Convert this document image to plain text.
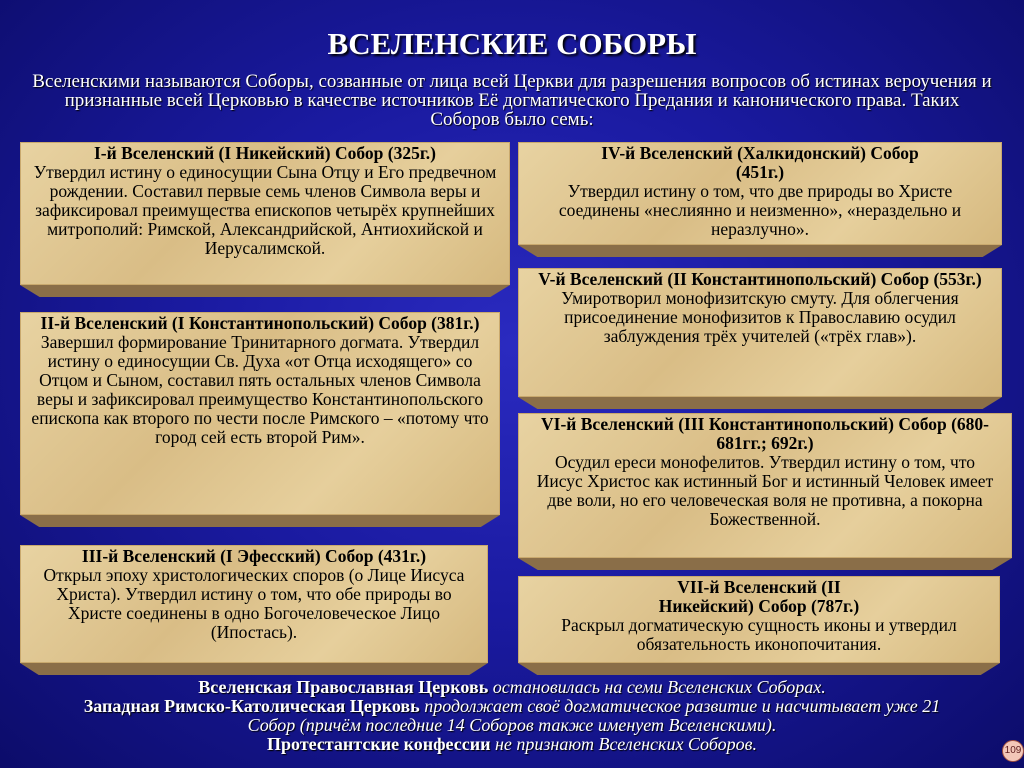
ВСЕЛЕНСКИЕ СОБОРЫ
Вселенскими называются Соборы, созванные от лица всей Церкви для разрешения вопросов об истинах вероучения и признанные всей Церковью в качестве источников Её догматического Предания и канонического права. Таких Соборов было семь:
I-й Вселенский (I Никейский) Собор (325г.)
Утвердил истину о единосущии Сына Отцу и Его предвечном рождении. Составил первые семь членов Символа веры и зафиксировал преимущества епископов четырёх крупнейших митрополий: Римской, Александрийской, Антиохийской и Иерусалимской.
II-й Вселенский (I Константинопольский) Собор (381г.)
Завершил формирование Тринитарного догмата. Утвердил истину о единосущии Св. Духа «от Отца исходящего» со Отцом и Сыном, составил пять остальных членов Символа веры и зафиксировал преимущество Константинопольского епископа как второго по чести после Римского – «потому что город сей есть второй Рим».
III-й Вселенский (I Эфесский) Собор (431г.)
Открыл эпоху христологических споров (о Лице Иисуса Христа). Утвердил истину о том, что обе природы во Христе соединены в одно Богочеловеческое Лицо (Ипостась).
IV-й Вселенский (Халкидонский) Собор (451г.)
Утвердил истину о том, что две природы во Христе соединены «неслиянно и неизменно», «нераздельно и неразлучно».
V-й Вселенский (II Константинопольский) Собор (553г.)
Умиротворил монофизитскую смуту. Для облегчения присоединение монофизитов к Православию осудил заблуждения трёх учителей («трёх глав»).
VI-й Вселенский (III Константинопольский) Собор (680-681гг.; 692г.)
Осудил ереси монофелитов. Утвердил истину о том, что Иисус Христос как истинный Бог и истинный Человек имеет две воли, но его человеческая воля не противна, а покорна Божественной.
VII-й Вселенский (II Никейский) Собор (787г.)
Раскрыл догматическую сущность иконы и утвердил обязательность иконопочитания.
Вселенская Православная Церковь остановилась на семи Вселенских Соборах.
Западная Римско-Католическая Церковь продолжает своё догматическое развитие и насчитывает уже 21 Собор (причём последние 14 Соборов также именует Вселенскими).
Протестантские конфессии не признают Вселенских Соборов.	109
